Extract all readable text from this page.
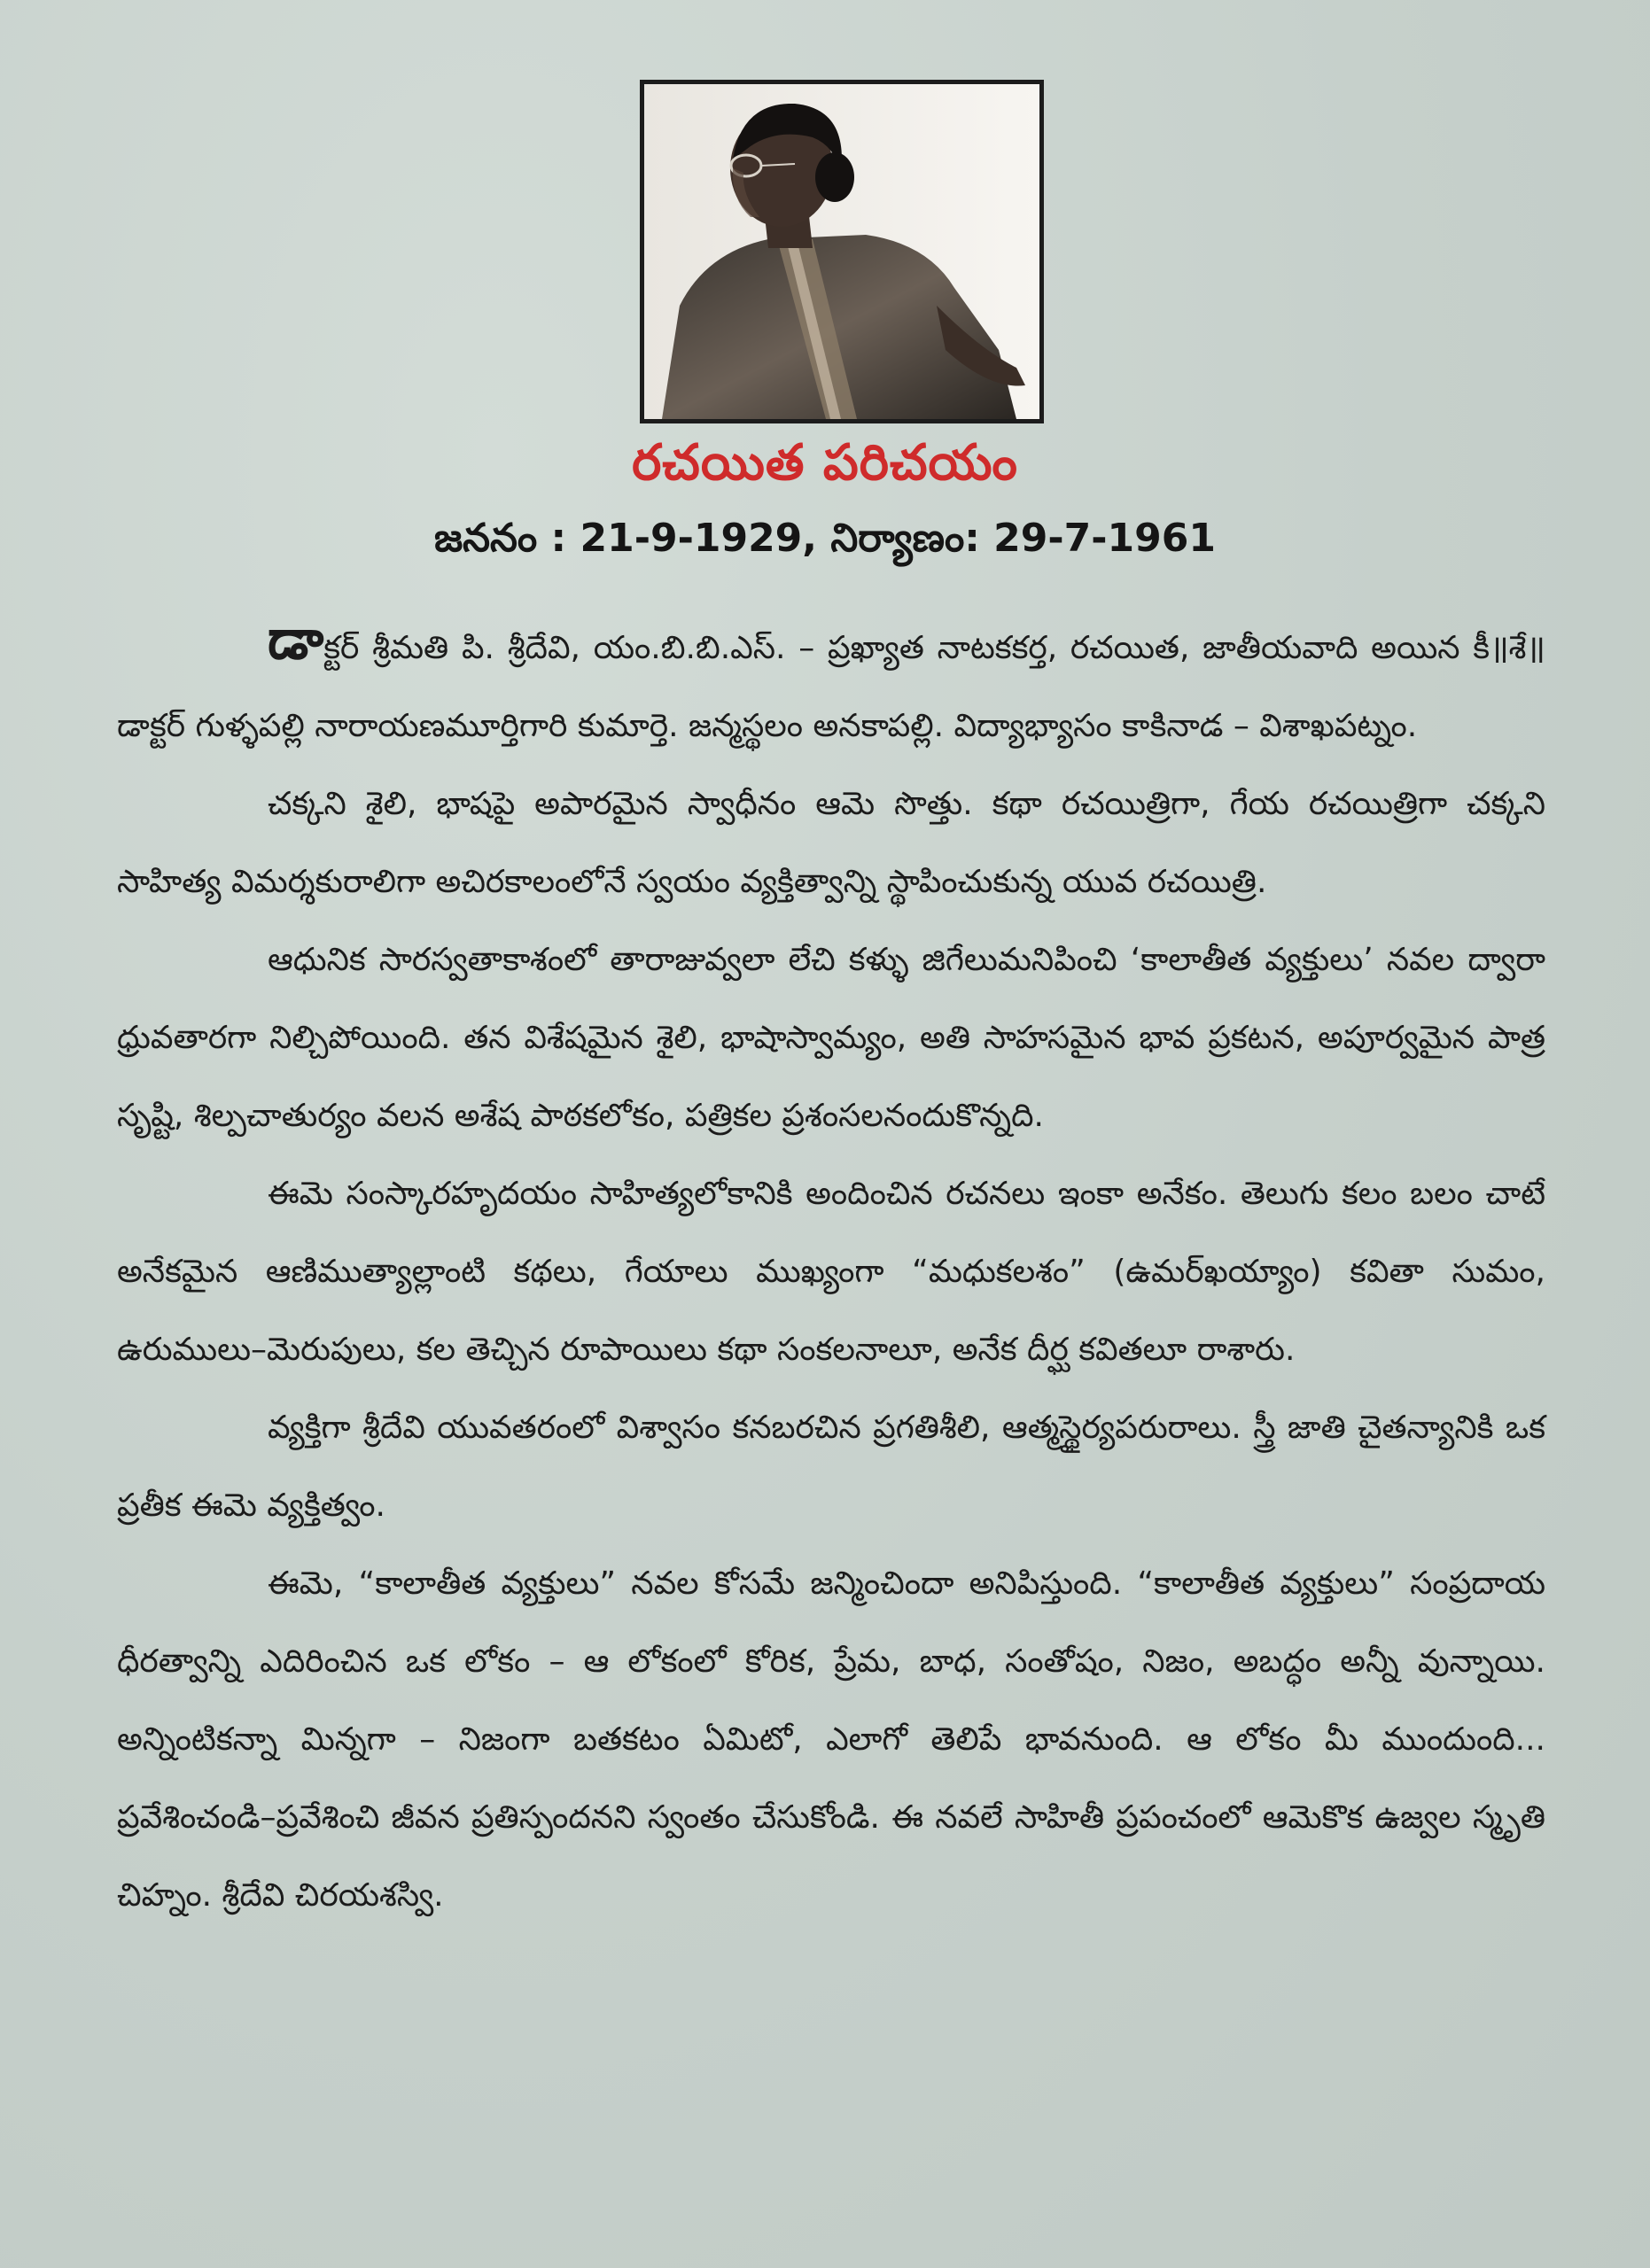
రచయిత పరిచయం
జననం : 21-9-1929, నిర్యాణం: 29-7-1961

డాక్టర్ శ్రీమతి పి. శ్రీదేవి, యం.బి.బి.ఎస్. – ప్రఖ్యాత నాటకకర్త, రచయిత, జాతీయవాది అయిన కీ॥శే॥ డాక్టర్ గుళ్ళపల్లి నారాయణమూర్తిగారి కుమార్తె. జన్మస్థలం అనకాపల్లి. విద్యాభ్యాసం కాకినాడ – విశాఖపట్నం.

చక్కని శైలి, భాషపై అపారమైన స్వాధీనం ఆమె సొత్తు. కథా రచయిత్రిగా, గేయ రచయిత్రిగా చక్కని సాహిత్య విమర్శకురాలిగా అచిరకాలంలోనే స్వయం వ్యక్తిత్వాన్ని స్థాపించుకున్న యువ రచయిత్రి.

ఆధునిక సారస్వతాకాశంలో తారాజువ్వలా లేచి కళ్ళు జిగేలుమనిపించి ‘కాలాతీత వ్యక్తులు’ నవల ద్వారా ధ్రువతారగా నిల్చిపోయింది. తన విశేషమైన శైలి, భాషాస్వామ్యం, అతి సాహసమైన భావ ప్రకటన, అపూర్వమైన పాత్ర సృష్టి, శిల్పచాతుర్యం వలన అశేష పాఠకలోకం, పత్రికల ప్రశంసలనందుకొన్నది.

ఈమె సంస్కారహృదయం సాహిత్యలోకానికి అందించిన రచనలు ఇంకా అనేకం. తెలుగు కలం బలం చాటే అనేకమైన ఆణిముత్యాల్లాంటి కథలు, గేయాలు ముఖ్యంగా “మధుకలశం” (ఉమర్‌ఖయ్యాం) కవితా సుమం, ఉరుములు–మెరుపులు, కల తెచ్చిన రూపాయిలు కథా సంకలనాలూ, అనేక దీర్ఘ కవితలూ రాశారు.

వ్యక్తిగా శ్రీదేవి యువతరంలో విశ్వాసం కనబరచిన ప్రగతిశీలి, ఆత్మస్థైర్యపరురాలు. స్త్రీ జాతి చైతన్యానికి ఒక ప్రతీక ఈమె వ్యక్తిత్వం.

ఈమె, “కాలాతీత వ్యక్తులు” నవల కోసమే జన్మించిందా అనిపిస్తుంది. “కాలాతీత వ్యక్తులు” సంప్రదాయ ధీరత్వాన్ని ఎదిరించిన ఒక లోకం – ఆ లోకంలో కోరిక, ప్రేమ, బాధ, సంతోషం, నిజం, అబద్ధం అన్నీ వున్నాయి. అన్నింటికన్నా మిన్నగా – నిజంగా బతకటం ఏమిటో, ఎలాగో తెలిపే భావనుంది. ఆ లోకం మీ ముందుంది... ప్రవేశించండి–ప్రవేశించి జీవన ప్రతిస్పందనని స్వంతం చేసుకోండి. ఈ నవలే సాహితీ ప్రపంచంలో ఆమెకొక ఉజ్వల స్మృతి చిహ్నం. శ్రీదేవి చిరయశస్వి.
